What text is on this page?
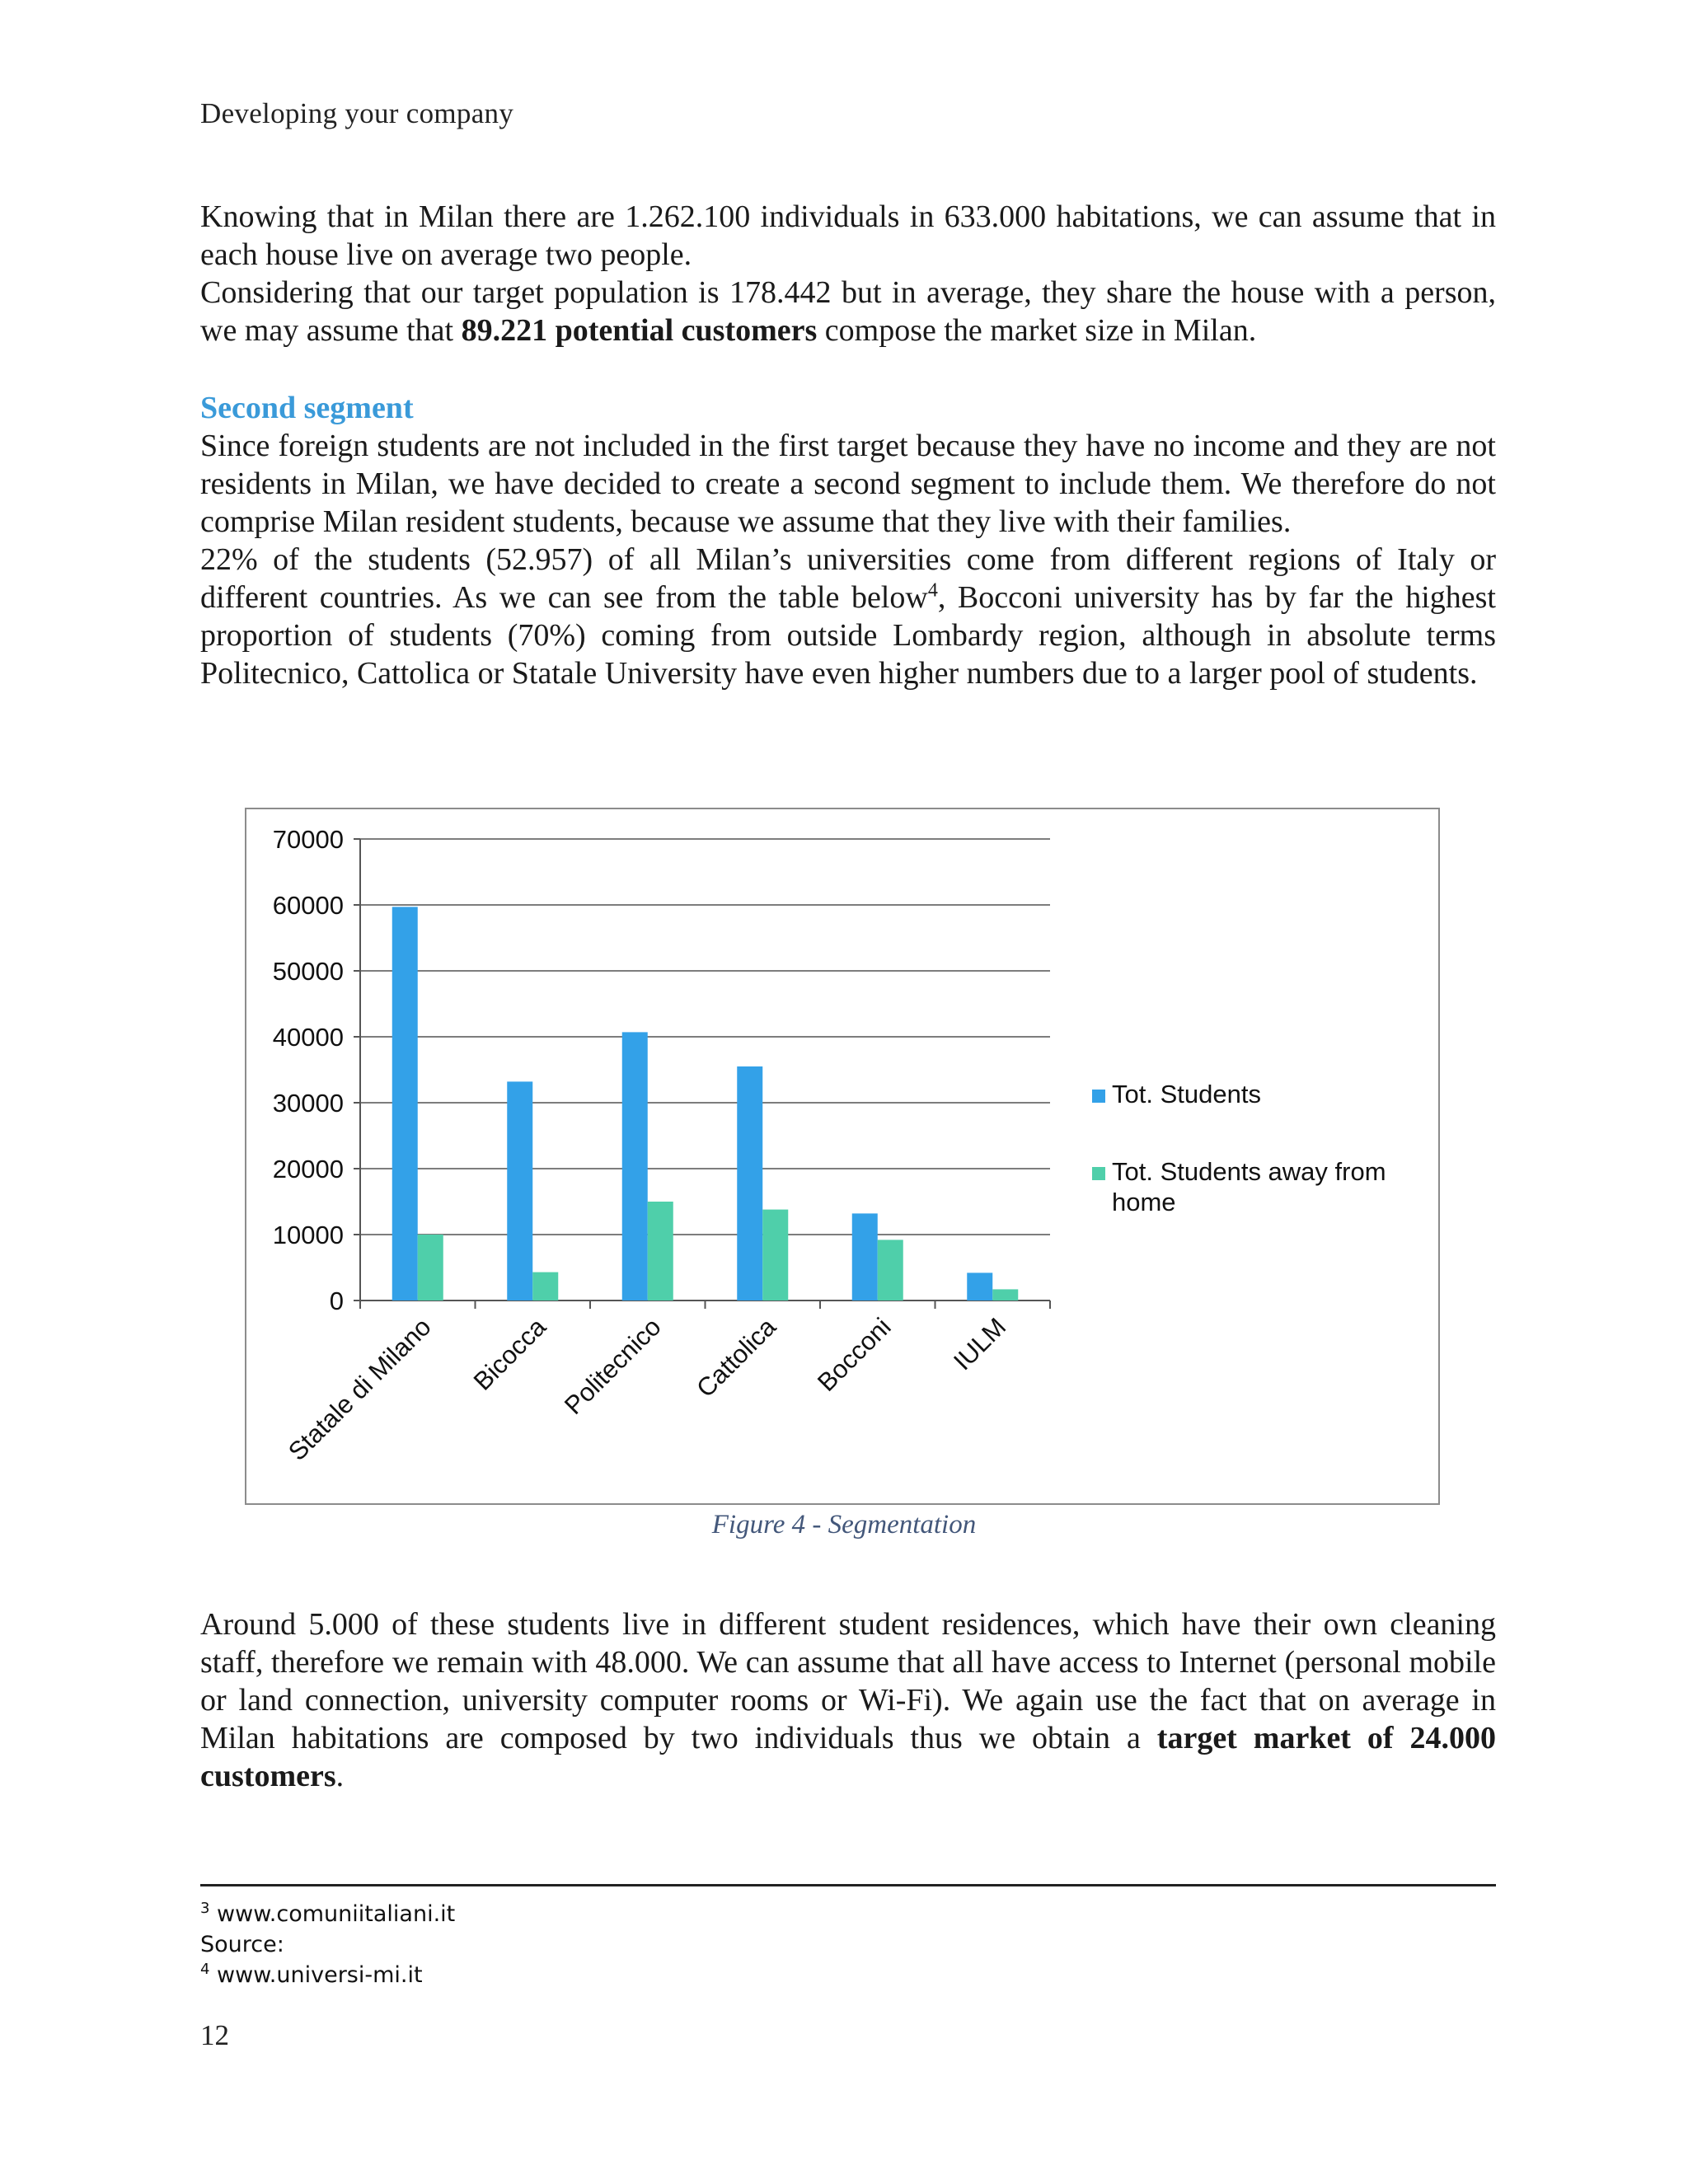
Developing your company

Knowing that in Milan there are 1.262.100 individuals in 633.000 habitations, we can assume that in each house live on average two people.

Considering that our target population is 178.442 but in average, they share the house with a person, we may assume that 89.221 potential customers compose the market size in Milan.

Second segment

Since foreign students are not included in the first target because they have no income and they are not residents in Milan, we have decided to create a second segment to include them. We therefore do not comprise Milan resident students, because we assume that they live with their families.

22% of the students (52.957) of all Milan’s universities come from different regions of Italy or different countries. As we can see from the table below$^4$, Bocconi university has by far the highest proportion of students (70%) coming from outside Lombardy region, although in absolute terms Politecnico, Cattolica or Statale University have even higher numbers due to a larger pool of students.

0
10000
20000
30000
40000
50000
60000
70000
Statale di Milano Bicocca Politecnico Cattolica Bocconi IULM
Tot. Students
Tot. Students away from
home
Figure 4 - Segmentation

Around 5.000 of these students live in different student residences, which have their own cleaning staff, therefore we remain with 48.000. We can assume that all have access to Internet (personal mobile or land connection, university computer rooms or Wi-Fi). We again use the fact that on average in Milan habitations are composed by two individuals thus we obtain a target market of 24.000 customers.

$^3$ www.comuniitaliani.it
Source:
$^4$ www.universi-mi.it
12
